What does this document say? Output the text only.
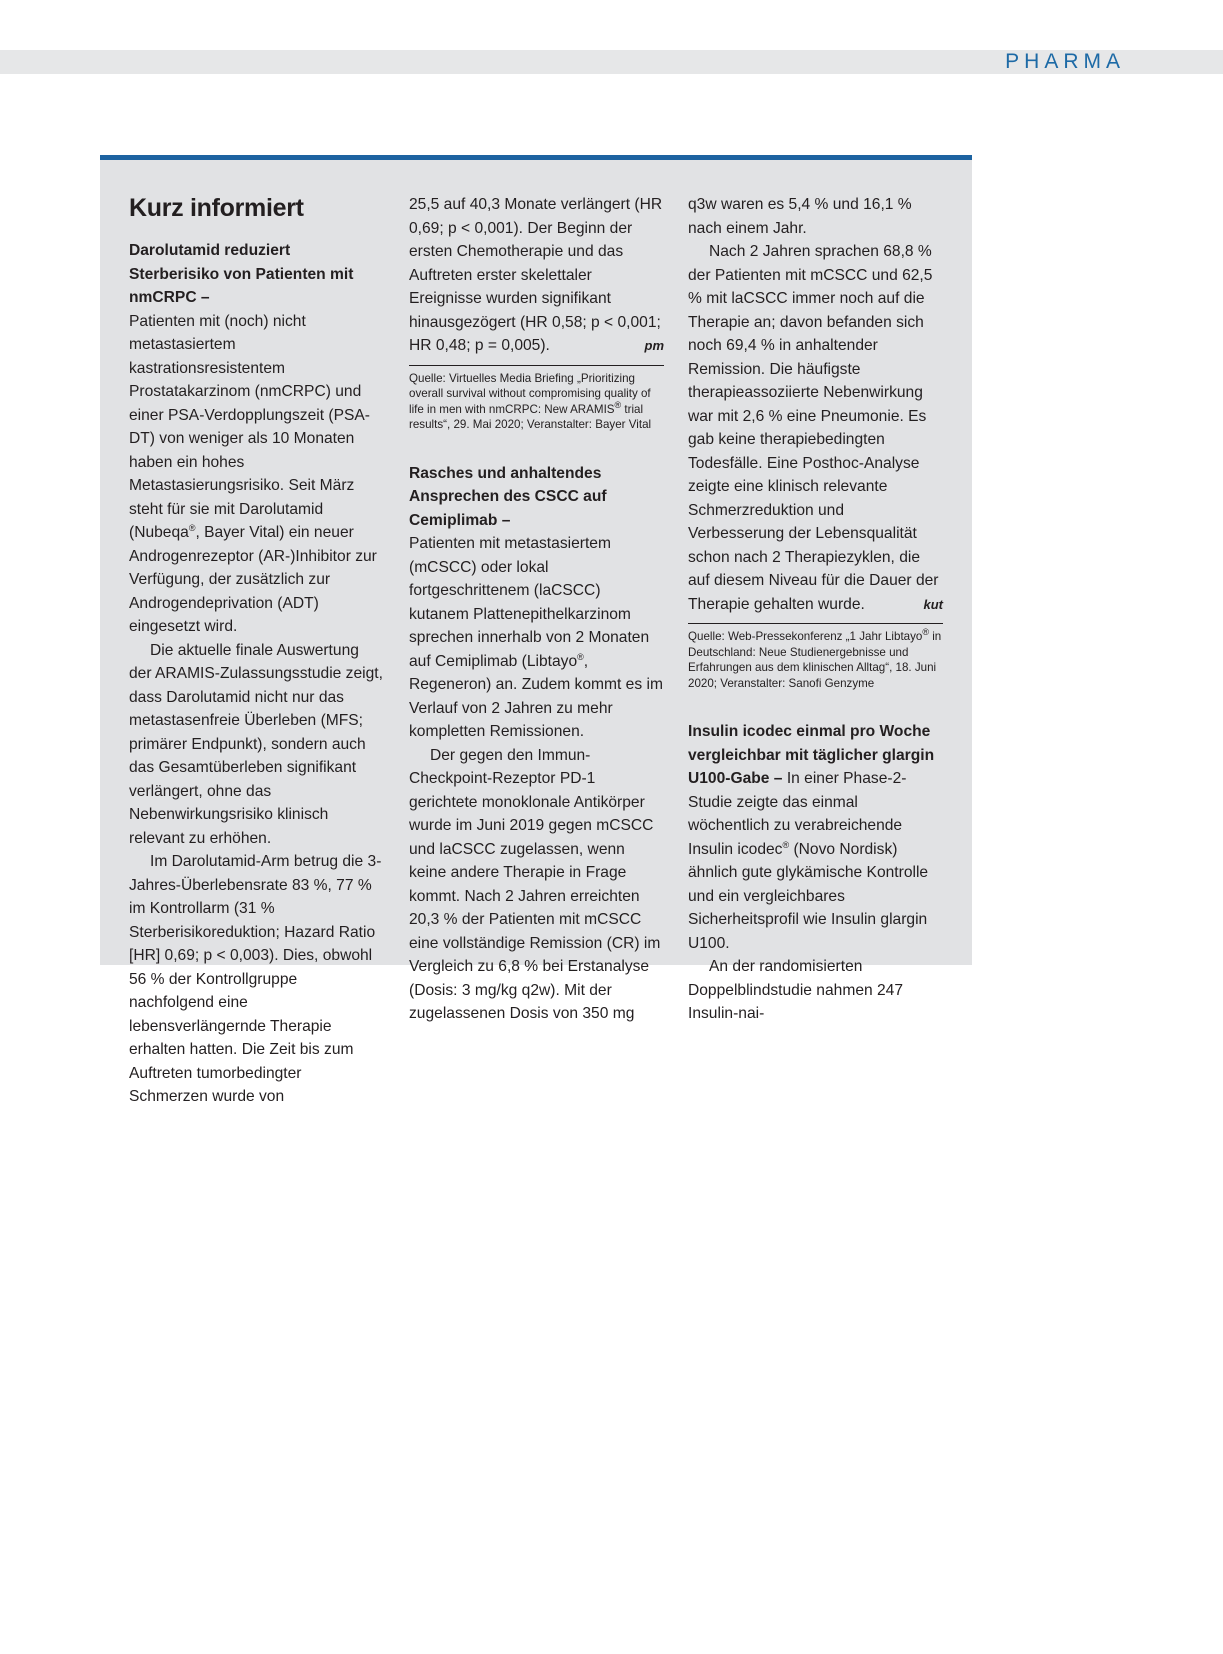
PHARMA
Kurz informiert

Darolutamid reduziert Sterberisiko von Patienten mit nmCRPC –
Patienten mit (noch) nicht metastasiertem kastrationsresistentem Prostatakarzinom (nmCRPC) und einer PSA-Verdopplungszeit (PSA-DT) von weniger als 10 Monaten haben ein hohes Metastasierungsrisiko. Seit März steht für sie mit Darolutamid (Nubeqa®, Bayer Vital) ein neuer Androgenrezeptor (AR-)Inhibitor zur Verfügung, der zusätzlich zur Androgendeprivation (ADT) eingesetzt wird.

Die aktuelle finale Auswertung der ARAMIS-Zulassungsstudie zeigt, dass Darolutamid nicht nur das metastasenfreie Überleben (MFS; primärer Endpunkt), sondern auch das Gesamtüberleben signifikant verlängert, ohne das Nebenwirkungsrisiko klinisch relevant zu erhöhen.

Im Darolutamid-Arm betrug die 3-Jahres-Überlebensrate 83 %, 77 % im Kontrollarm (31 % Sterberisikoreduktion; Hazard Ratio [HR] 0,69; p < 0,003). Dies, obwohl 56 % der Kontrollgruppe nachfolgend eine lebensverlängernde Therapie erhalten hatten. Die Zeit bis zum Auftreten tumorbedingter Schmerzen wurde von

25,5 auf 40,3 Monate verlängert (HR 0,69; p < 0,001). Der Beginn der ersten Chemotherapie und das Auftreten erster skelettaler Ereignisse wurden signifikant hinausgezögert (HR 0,58; p < 0,001; HR 0,48; p = 0,005).	pm

Quelle: Virtuelles Media Briefing „Prioritizing overall survival without compromising quality of life in men with nmCRPC: New ARAMIS® trial results“, 29. Mai 2020; Veranstalter: Bayer Vital

Rasches und anhaltendes Ansprechen des CSCC auf Cemiplimab –
Patienten mit metastasiertem (mCSCC) oder lokal fortgeschrittenem (laCSCC) kutanem Plattenepithelkarzinom sprechen innerhalb von 2 Monaten auf Cemiplimab (Libtayo®, Regeneron) an. Zudem kommt es im Verlauf von 2 Jahren zu mehr kompletten Remissionen.

Der gegen den Immun-Checkpoint-Rezeptor PD-1 gerichtete monoklonale Antikörper wurde im Juni 2019 gegen mCSCC und laCSCC zugelassen, wenn keine andere Therapie in Frage kommt. Nach 2 Jahren erreichten 20,3 % der Patienten mit mCSCC eine vollständige Remission (CR) im Vergleich zu 6,8 % bei Erstanalyse (Dosis: 3 mg/kg q2w). Mit der zugelassenen Dosis von 350 mg

q3w waren es 5,4 % und 16,1 % nach einem Jahr.

Nach 2 Jahren sprachen 68,8 % der Patienten mit mCSCC und 62,5 % mit laCSCC immer noch auf die Therapie an; davon befanden sich noch 69,4 % in anhaltender Remission. Die häufigste therapieassoziierte Nebenwirkung war mit 2,6 % eine Pneumonie. Es gab keine therapiebedingten Todesfälle. Eine Posthoc-Analyse zeigte eine klinisch relevante Schmerzreduktion und Verbesserung der Lebensqualität schon nach 2 Therapiezyklen, die auf diesem Niveau für die Dauer der Therapie gehalten wurde.	kut

Quelle: Web-Pressekonferenz „1 Jahr Libtayo® in Deutschland: Neue Studienergebnisse und Erfahrungen aus dem klinischen Alltag“, 18. Juni 2020; Veranstalter: Sanofi Genzyme

Insulin icodec einmal pro Woche vergleichbar mit täglicher glargin U100-Gabe – In einer Phase-2-Studie zeigte das einmal wöchentlich zu verabreichende Insulin icodec® (Novo Nordisk) ähnlich gute glykämische Kontrolle und ein vergleichbares Sicherheitsprofil wie Insulin glargin U100.

An der randomisierten Doppelblindstudie nahmen 247 Insulin-nai-
